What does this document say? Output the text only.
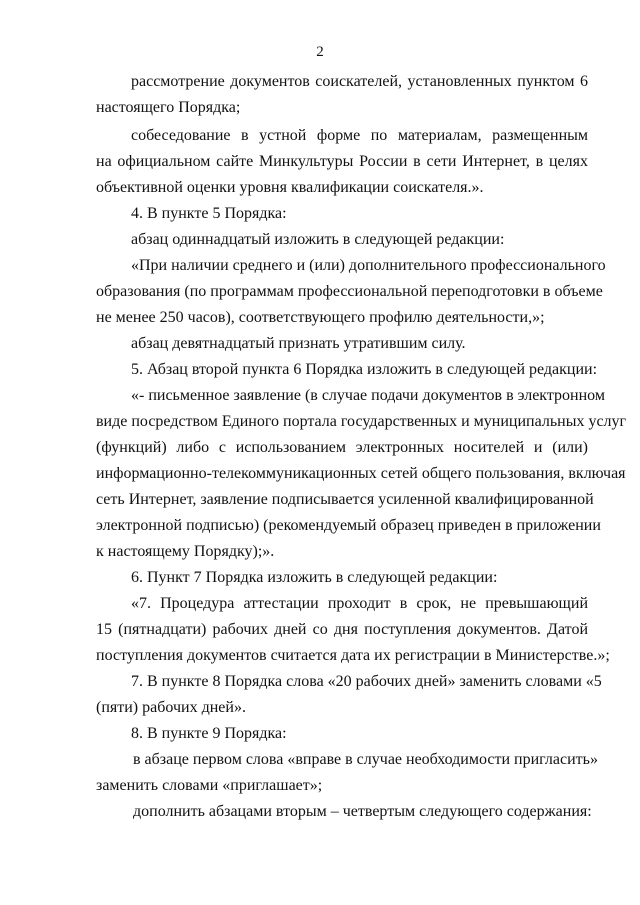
2
рассмотрение документов соискателей, установленных пунктом 6
настоящего Порядка;
собеседование в устной форме по материалам, размещенным
на официальном сайте Минкультуры России в сети Интернет, в целях
объективной оценки уровня квалификации соискателя.».
4. В пункте 5 Порядка:
абзац одиннадцатый изложить в следующей редакции:
«При наличии среднего и (или) дополнительного профессионального
образования (по программам профессиональной переподготовки в объеме
не менее 250 часов), соответствующего профилю деятельности,»;
абзац девятнадцатый признать утратившим силу.
5. Абзац второй пункта 6 Порядка изложить в следующей редакции:
«- письменное заявление (в случае подачи документов в электронном
виде посредством Единого портала государственных и муниципальных услуг
(функций) либо с использованием электронных носителей и (или)
информационно-телекоммуникационных сетей общего пользования, включая
сеть Интернет, заявление подписывается усиленной квалифицированной
электронной подписью) (рекомендуемый образец приведен в приложении
к настоящему Порядку);».
6. Пункт 7 Порядка изложить в следующей редакции:
«7. Процедура аттестации проходит в срок, не превышающий
15 (пятнадцати) рабочих дней со дня поступления документов. Датой
поступления документов считается дата их регистрации в Министерстве.»;
7. В пункте 8 Порядка слова «20 рабочих дней» заменить словами «5
(пяти) рабочих дней».
8. В пункте 9 Порядка:
в абзаце первом слова «вправе в случае необходимости пригласить»
заменить словами «приглашает»;
дополнить абзацами вторым – четвертым следующего содержания:
